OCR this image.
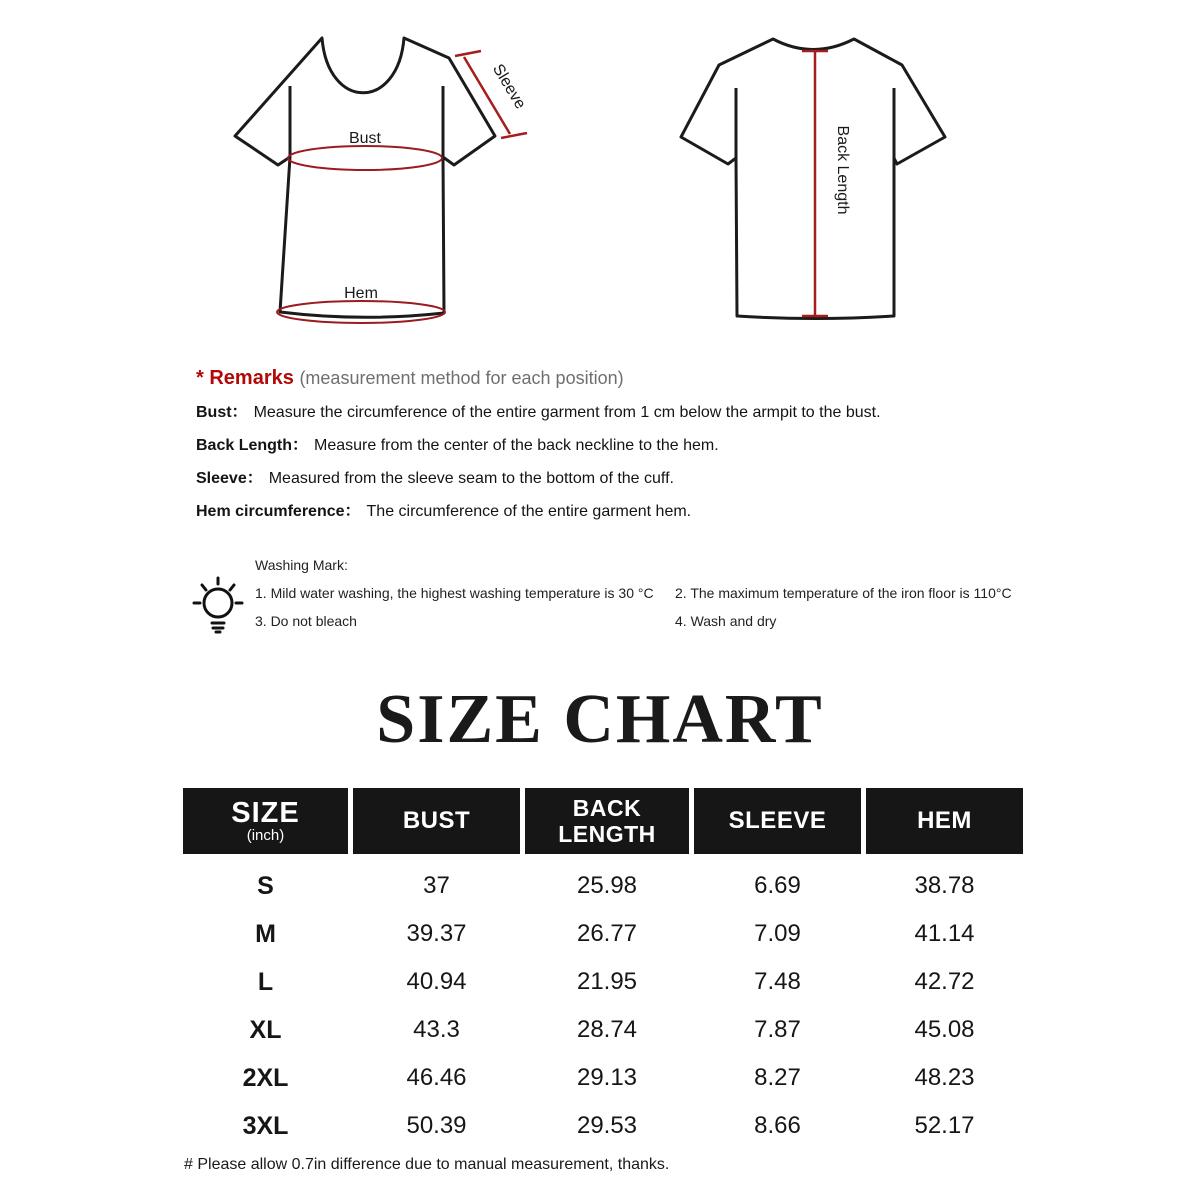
Bust
Hem
Sleeve
Back Length
* Remarks (measurement method for each position)

Bust： Measure the circumference of the entire garment from 1 cm below the armpit to the bust.

Back Length： Measure from the center of the back neckline to the hem.

Sleeve： Measured from the sleeve seam to the bottom of the cuff.

Hem circumference： The circumference of the entire garment hem.

Washing Mark:
1. Mild water washing, the highest washing temperature is 30 °C	2. The maximum temperature of the iron floor is 110°C
3. Do not bleach	4. Wash and dry
SIZE CHART
SIZE
(inch)
BUST	BACK LENGTH	SLEEVE	HEM
S	37	25.98	6.69	38.78
M	39.37	26.77	7.09	41.14
L	40.94	21.95	7.48	42.72
XL	43.3	28.74	7.87	45.08
2XL	46.46	29.13	8.27	48.23
3XL	50.39	29.53	8.66	52.17
# Please allow 0.7in difference due to manual measurement, thanks.
